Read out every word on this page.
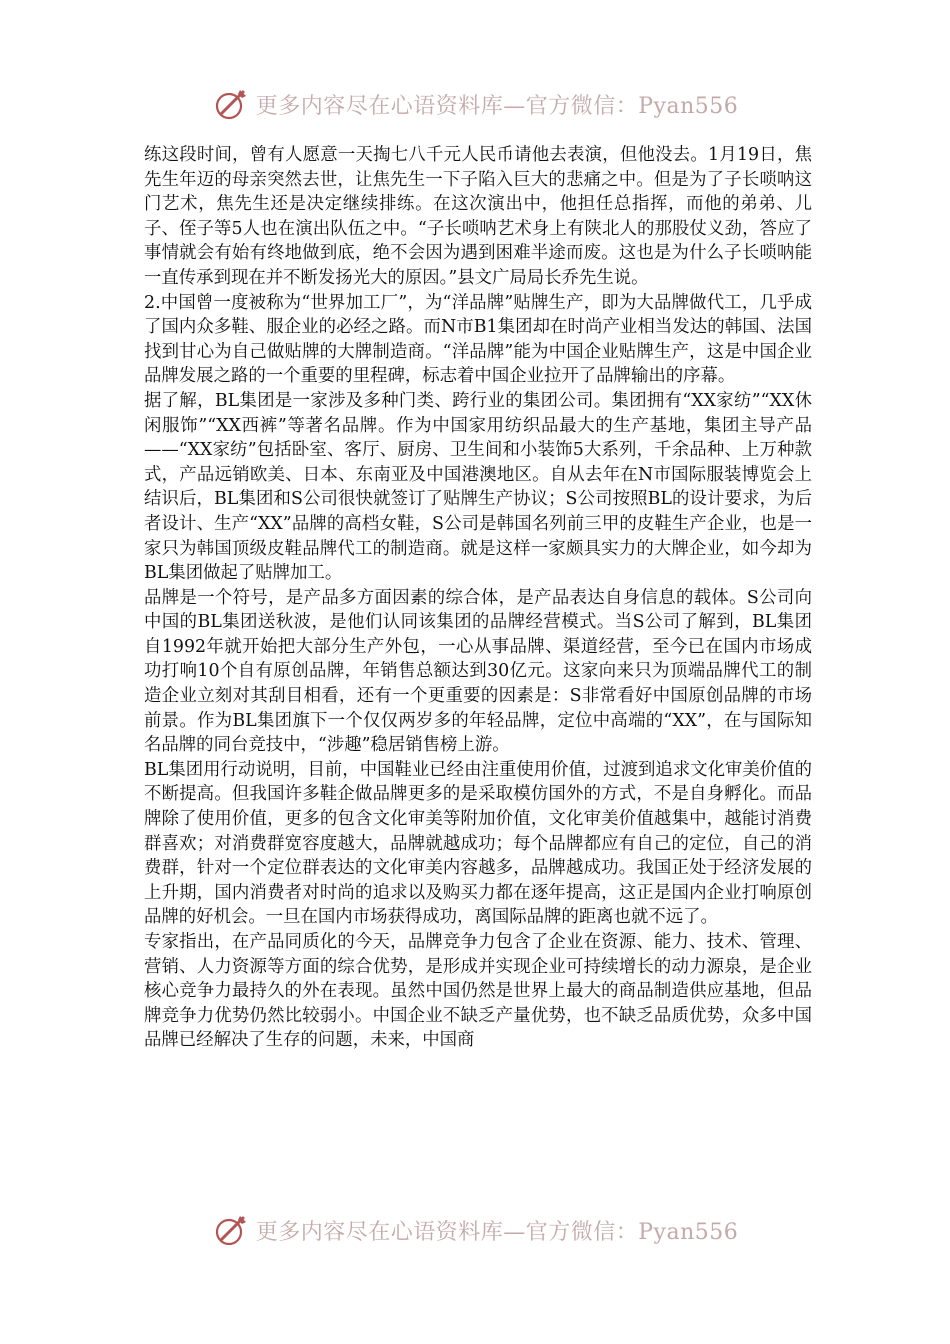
更多内容尽在心语资料库—官方微信：Pyan556

练这段时间，曾有人愿意一天掏七八千元人民币请他去表演，但他没去。1月19日，焦先生年迈的母亲突然去世，让焦先生一下子陷入巨大的悲痛之中。但是为了子长唢呐这门艺术，焦先生还是决定继续排练。在这次演出中，他担任总指挥，而他的弟弟、儿子、侄子等5人也在演出队伍之中。“子长唢呐艺术身上有陕北人的那股仗义劲，答应了事情就会有始有终地做到底，绝不会因为遇到困难半途而废。这也是为什么子长唢呐能一直传承到现在并不断发扬光大的原因。”县文广局局长乔先生说。

2.中国曾一度被称为“世界加工厂”，为“洋品牌”贴牌生产，即为大品牌做代工，几乎成了国内众多鞋、服企业的必经之路。而N市B1集团却在时尚产业相当发达的韩国、法国找到甘心为自己做贴牌的大牌制造商。“洋品牌”能为中国企业贴牌生产，这是中国企业品牌发展之路的一个重要的里程碑，标志着中国企业拉开了品牌输出的序幕。

据了解，BL集团是一家涉及多种门类、跨行业的集团公司。集团拥有“XX家纺”“XX休闲服饰”“XX西裤”等著名品牌。作为中国家用纺织品最大的生产基地，集团主导产品——“XX家纺”包括卧室、客厅、厨房、卫生间和小装饰5大系列，千余品种、上万种款式，产品远销欧美、日本、东南亚及中国港澳地区。自从去年在N市国际服装博览会上结识后，BL集团和S公司很快就签订了贴牌生产协议；S公司按照BL的设计要求，为后者设计、生产“XX”品牌的高档女鞋，S公司是韩国名列前三甲的皮鞋生产企业，也是一家只为韩国顶级皮鞋品牌代工的制造商。就是这样一家颇具实力的大牌企业，如今却为BL集团做起了贴牌加工。

品牌是一个符号，是产品多方面因素的综合体，是产品表达自身信息的载体。S公司向中国的BL集团送秋波，是他们认同该集团的品牌经营模式。当S公司了解到，BL集团自1992年就开始把大部分生产外包，一心从事品牌、渠道经营，至今已在国内市场成功打响10个自有原创品牌，年销售总额达到30亿元。这家向来只为顶端品牌代工的制造企业立刻对其刮目相看，还有一个更重要的因素是：S非常看好中国原创品牌的市场前景。作为BL集团旗下一个仅仅两岁多的年轻品牌，定位中高端的“XX”，在与国际知名品牌的同台竞技中，“涉趣”稳居销售榜上游。

BL集团用行动说明，目前，中国鞋业已经由注重使用价值，过渡到追求文化审美价值的不断提高。但我国许多鞋企做品牌更多的是采取模仿国外的方式，不是自身孵化。而品牌除了使用价值，更多的包含文化审美等附加价值，文化审美价值越集中，越能讨消费群喜欢；对消费群宽容度越大，品牌就越成功；每个品牌都应有自己的定位，自己的消费群，针对一个定位群表达的文化审美内容越多，品牌越成功。我国正处于经济发展的上升期，国内消费者对时尚的追求以及购买力都在逐年提高，这正是国内企业打响原创品牌的好机会。一旦在国内市场获得成功，离国际品牌的距离也就不远了。

专家指出，在产品同质化的今天，品牌竞争力包含了企业在资源、能力、技术、管理、营销、人力资源等方面的综合优势，是形成并实现企业可持续增长的动力源泉，是企业核心竞争力最持久的外在表现。虽然中国仍然是世界上最大的商品制造供应基地，但品牌竞争力优势仍然比较弱小。中国企业不缺乏产量优势，也不缺乏品质优势，众多中国品牌已经解决了生存的问题，未来，中国商

更多内容尽在心语资料库—官方微信：Pyan556
